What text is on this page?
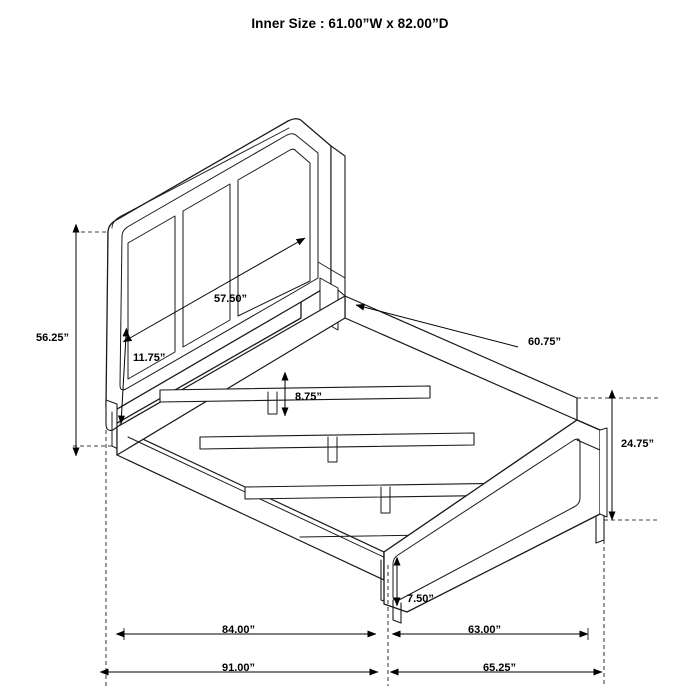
Inner Size : 61.00”W x 82.00”D
56.25”
57.50”
11.75”
60.75”
8.75”
24.75”
7.50”
84.00”	63.00”
91.00”	65.25”
